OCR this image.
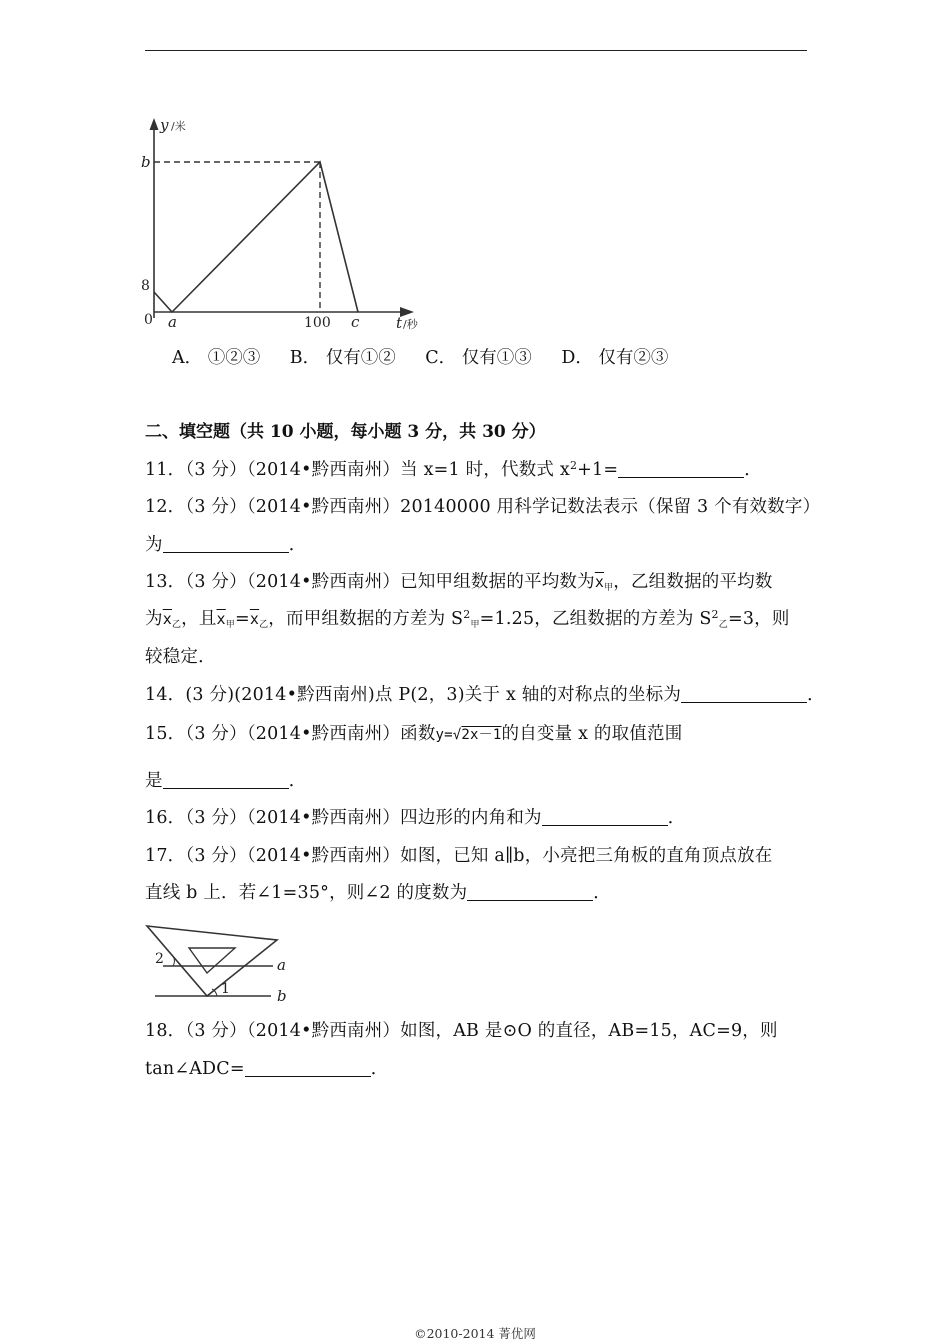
y /米
b
8
0 a	100 c t /秒
A． ①②③ B． 仅有①② C． 仅有①③ D． 仅有②③
二、填空题（共 10 小题，每小题 3 分，共 30 分）
11．（3 分）（2014•黔西南州）当 x=1 时，代数式 $x^2+1=$	．
12．（3 分）（2014•黔西南州）20140000 用科学记数法表示（保留 3 个有效数字）
为	．
13．（3 分）（2014•黔西南州）已知甲组数据的平均数为$\overline{x}$甲，乙组数据的平均数
为$\overline{x}$乙，且$\overline{x}$甲$=\overline{x}$乙，而甲组数据的方差为 $S^2$甲=1.25，乙组数据的方差为 $S^2$乙=3，则
较稳定．
14．(3 分)(2014•黔西南州)点 P(2，3)关于 x 轴的对称点的坐标为	．
15．（3 分）（2014•黔西南州）函数y=√2x－1的自变量 x 的取值范围
是	．
16．（3 分）（2014•黔西南州）四边形的内角和为	．
17．（3 分）（2014•黔西南州）如图，已知 a∥b，小亮把三角板的直角顶点放在
直线 b 上．若∠1=35°，则∠2 的度数为	．
2
1
a
b
18．（3 分）（2014•黔西南州）如图，AB 是⊙O 的直径，AB=15，AC=9，则
tan∠ADC=	．
©2010-2014 菁优网
